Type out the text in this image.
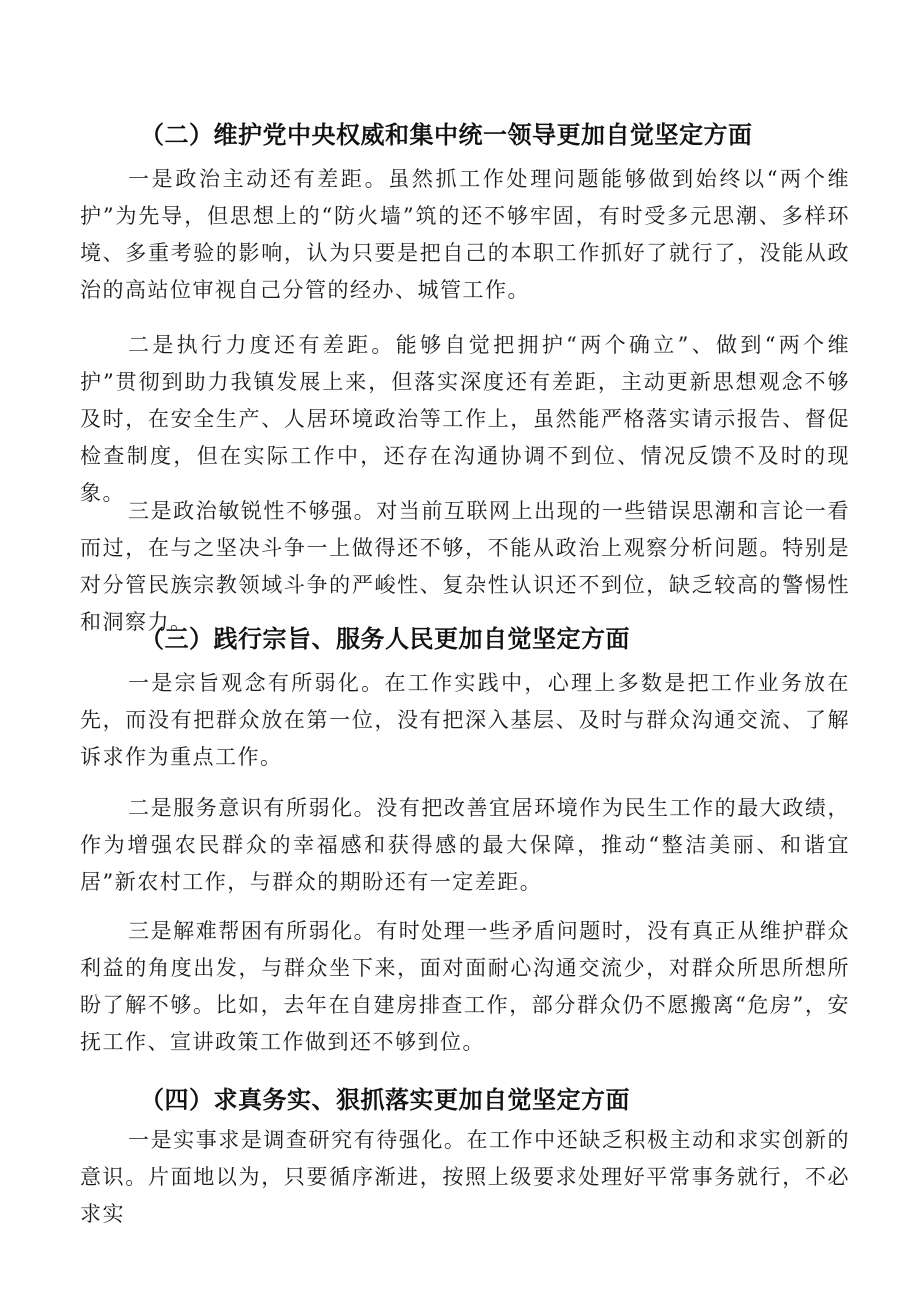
（二）维护党中央权威和集中统一领导更加自觉坚定方面

一是政治主动还有差距。虽然抓工作处理问题能够做到始终以“两个维护”为先导，但思想上的“防火墙”筑的还不够牢固，有时受多元思潮、多样环境、多重考验的影响，认为只要是把自己的本职工作抓好了就行了，没能从政治的高站位审视自己分管的经办、城管工作。

二是执行力度还有差距。能够自觉把拥护“两个确立”、做到“两个维护”贯彻到助力我镇发展上来，但落实深度还有差距，主动更新思想观念不够及时，在安全生产、人居环境政治等工作上，虽然能严格落实请示报告、督促检查制度，但在实际工作中，还存在沟通协调不到位、情况反馈不及时的现象。

三是政治敏锐性不够强。对当前互联网上出现的一些错误思潮和言论一看而过，在与之坚决斗争一上做得还不够，不能从政治上观察分析问题。特别是对分管民族宗教领域斗争的严峻性、复杂性认识还不到位，缺乏较高的警惕性和洞察力。

（三）践行宗旨、服务人民更加自觉坚定方面

一是宗旨观念有所弱化。在工作实践中，心理上多数是把工作业务放在先，而没有把群众放在第一位，没有把深入基层、及时与群众沟通交流、了解诉求作为重点工作。

二是服务意识有所弱化。没有把改善宜居环境作为民生工作的最大政绩，作为增强农民群众的幸福感和获得感的最大保障，推动“整洁美丽、和谐宜居”新农村工作，与群众的期盼还有一定差距。

三是解难帮困有所弱化。有时处理一些矛盾问题时，没有真正从维护群众利益的角度出发，与群众坐下来，面对面耐心沟通交流少，对群众所思所想所盼了解不够。比如，去年在自建房排查工作，部分群众仍不愿搬离“危房”，安抚工作、宣讲政策工作做到还不够到位。

（四）求真务实、狠抓落实更加自觉坚定方面

一是实事求是调查研究有待强化。在工作中还缺乏积极主动和求实创新的意识。片面地以为，只要循序渐进，按照上级要求处理好平常事务就行，不必求实
